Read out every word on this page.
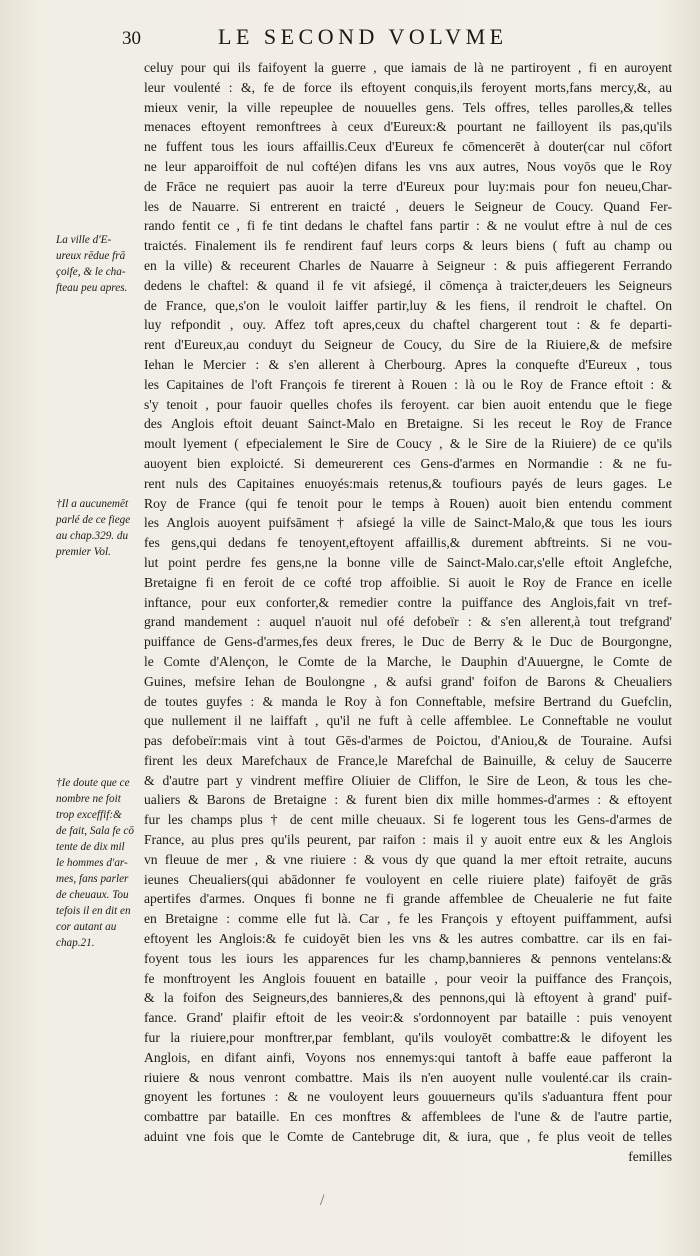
30	LE SECOND VOLVME
celuy pour qui ils faifoyent la guerre , que iamais de là ne partiroyent , fi en auroyent
leur voulenté : &, fe de force ils eftoyent conquis,ils feroyent morts,fans mercy,&, au
mieux venir, la ville repeuplee de nouuelles gens. Tels offres, telles parolles,& telles
menaces eftoyent remonftrees à ceux d'Eureux:& pourtant ne failloyent ils pas,qu'ils
ne fuffent tous les iours affaillis.Ceux d'Eureux fe cōmencerēt à douter(car nul cōfort
ne leur apparoiffoit de nul cofté)en difans les vns aux autres, Nous voyōs que le Roy
de Frāce ne requiert pas auoir la terre d'Eureux pour luy:mais pour fon neueu,Char-
les de Nauarre. Si entrerent en traicté , deuers le Seigneur de Coucy. Quand Fer-
rando fentit ce , fi fe tint dedans le chaftel fans partir : & ne voulut eftre à nul de ces
traictés. Finalement ils fe rendirent fauf leurs corps & leurs biens ( fuft au champ ou
en la ville) & receurent Charles de Nauarre à Seigneur : & puis affiegerent Ferrando
dedens le chaftel: & quand il fe vit afsiegé, il cōmença à traicter,deuers les Seigneurs
de France, que,s'on le vouloit laiffer partir,luy & les fiens, il rendroit le chaftel. On
luy refpondit , ouy. Affez toft apres,ceux du chaftel chargerent tout : & fe departi-
rent d'Eureux,au conduyt du Seigneur de Coucy, du Sire de la Riuiere,& de mefsire
Iehan le Mercier : & s'en allerent à Cherbourg. Apres la conquefte d'Eureux , tous
les Capitaines de l'oft François fe tirerent à Rouen : là ou le Roy de France eftoit : &
s'y tenoit , pour fauoir quelles chofes ils feroyent. car bien auoit entendu que le fiege
des Anglois eftoit deuant Sainct-Malo en Bretaigne. Si les receut le Roy de France
moult lyement ( efpecialement le Sire de Coucy , & le Sire de la Riuiere) de ce qu'ils
auoyent bien exploicté. Si demeurerent ces Gens-d'armes en Normandie : & ne fu-
rent nuls des Capitaines enuoyés:mais retenus,& toufiours payés de leurs gages. Le
Roy de France (qui fe tenoit pour le temps à Rouen) auoit bien entendu comment
les Anglois auoyent puifsāment † afsiegé la ville de Sainct-Malo,& que tous les iours
fes gens,qui dedans fe tenoyent,eftoyent affaillis,& durement abftreints. Si ne vou-
lut point perdre fes gens,ne la bonne ville de Sainct-Malo.car,s'elle eftoit Anglefche,
Bretaigne fi en feroit de ce cofté trop affoiblie. Si auoit le Roy de France en icelle
inftance, pour eux conforter,& remedier contre la puiffance des Anglois,fait vn tref-
grand mandement : auquel n'auoit nul ofé defobeïr : & s'en allerent,à tout trefgrand'
puiffance de Gens-d'armes,fes deux freres, le Duc de Berry & le Duc de Bourgongne,
le Comte d'Alençon, le Comte de la Marche, le Dauphin d'Auuergne, le Comte de
Guines, mefsire Iehan de Boulongne , & aufsi grand' foifon de Barons & Cheualiers
de toutes guyfes : & manda le Roy à fon Conneftable, mefsire Bertrand du Guefclin,
que nullement il ne laiffaft , qu'il ne fuft à celle affemblee. Le Conneftable ne voulut
pas defobeïr:mais vint à tout Gēs-d'armes de Poictou, d'Aniou,& de Touraine. Aufsi
firent les deux Marefchaux de France,le Marefchal de Bainuille, & celuy de Saucerre
& d'autre part y vindrent meffire Oliuier de Cliffon, le Sire de Leon, & tous les che-
ualiers & Barons de Bretaigne : & furent bien dix mille hommes-d'armes : & eftoyent
fur les champs plus † de cent mille cheuaux. Si fe logerent tous les Gens-d'armes de
France, au plus pres qu'ils peurent, par raifon : mais il y auoit entre eux & les Anglois
vn fleuue de mer , & vne riuiere : & vous dy que quand la mer eftoit retraite, aucuns
ieunes Cheualiers(qui abādonner fe vouloyent en celle riuiere plate) faifoyēt de grās
apertifes d'armes. Onques fi bonne ne fi grande affemblee de Cheualerie ne fut faite
en Bretaigne : comme elle fut là. Car , fe les François y eftoyent puiffamment, aufsi
eftoyent les Anglois:& fe cuidoyēt bien les vns & les autres combattre. car ils en fai-
foyent tous les iours les apparences fur les champ,bannieres & pennons ventelans:&
fe monftroyent les Anglois fouuent en bataille , pour veoir la puiffance des François,
& la foifon des Seigneurs,des bannieres,& des pennons,qui là eftoyent à grand' puif-
fance. Grand' plaifir eftoit de les veoir:& s'ordonnoyent par bataille : puis venoyent
fur la riuiere,pour monftrer,par femblant, qu'ils vouloyēt combattre:& le difoyent les
Anglois, en difant ainfi, Voyons nos ennemys:qui tantoft à baffe eaue pafferont la
riuiere & nous venront combattre. Mais ils n'en auoyent nulle voulenté.car ils crain-
gnoyent les fortunes : & ne vouloyent leurs gouuerneurs qu'ils s'aduantura ffent pour
combattre par bataille. En ces monftres & affemblees de l'une & de l'autre partie,
aduint vne fois que le Comte de Cantebruge dit, & iura, que , fe plus veoit de telles
femilles
La ville d'E-
ureux rēdue frā
çoife, & le cha-
fteau peu apres.
†Il a aucunemēt
parlé de ce fiege
au chap.329. du
premier Vol.
†Ie doute que ce
nombre ne foit
trop exceffif:&
de fait, Sala fe cō
tente de dix mil
le hommes d'ar-
mes, fans parler
de cheuaux. Tou
tefois il en dit en
cor autant au
chap.21.
/
